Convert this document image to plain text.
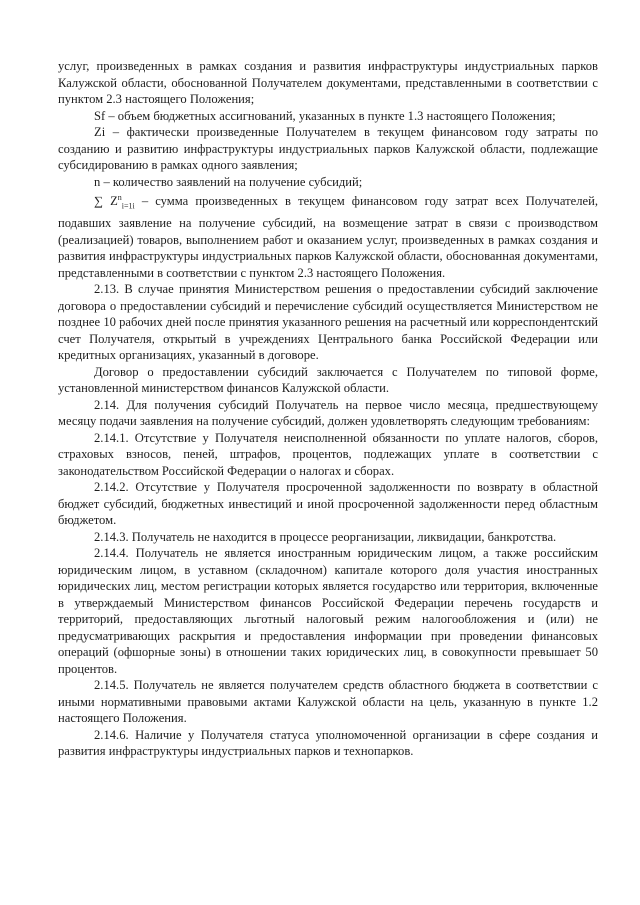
услуг, произведенных в рамках создания и развития инфраструктуры индустриальных парков Калужской области, обоснованной Получателем документами, представленными в соответствии с пунктом 2.3 настоящего Положения;

Sf – объем бюджетных ассигнований, указанных в пункте 1.3 настоящего Положения;

Zi – фактически произведенные Получателем в текущем финансовом году затраты по созданию и развитию инфраструктуры индустриальных парков Калужской области, подлежащие субсидированию в рамках одного заявления;

n – количество заявлений на получение субсидий;

∑ $Z^n_{i=1i}$ – сумма произведенных в текущем финансовом году затрат всех Получателей, подавших заявление на получение субсидий, на возмещение затрат в связи с производством (реализацией) товаров, выполнением работ и оказанием услуг, произведенных в рамках создания и развития инфраструктуры индустриальных парков Калужской области, обоснованная документами, представленными в соответствии с пунктом 2.3 настоящего Положения.

2.13. В случае принятия Министерством решения о предоставлении субсидий заключение договора о предоставлении субсидий и перечисление субсидий осуществляется Министерством не позднее 10 рабочих дней после принятия указанного решения на расчетный или корреспондентский счет Получателя, открытый в учреждениях Центрального банка Российской Федерации или кредитных организациях, указанный в договоре.

Договор о предоставлении субсидий заключается с Получателем по типовой форме, установленной министерством финансов Калужской области.

2.14. Для получения субсидий Получатель на первое число месяца, предшествующему месяцу подачи заявления на получение субсидий, должен удовлетворять следующим требованиям:

2.14.1. Отсутствие у Получателя неисполненной обязанности по уплате налогов, сборов, страховых взносов, пеней, штрафов, процентов, подлежащих уплате в соответствии с законодательством Российской Федерации о налогах и сборах.

2.14.2. Отсутствие у Получателя просроченной задолженности по возврату в областной бюджет субсидий, бюджетных инвестиций и иной просроченной задолженности перед областным бюджетом.

2.14.3. Получатель не находится в процессе реорганизации, ликвидации, банкротства.

2.14.4. Получатель не является иностранным юридическим лицом, а также российским юридическим лицом, в уставном (складочном) капитале которого доля участия иностранных юридических лиц, местом регистрации которых является государство или территория, включенные в утверждаемый Министерством финансов Российской Федерации перечень государств и территорий, предоставляющих льготный налоговый режим налогообложения и (или) не предусматривающих раскрытия и предоставления информации при проведении финансовых операций (офшорные зоны) в отношении таких юридических лиц, в совокупности превышает 50 процентов.

2.14.5. Получатель не является получателем средств областного бюджета в соответствии с иными нормативными правовыми актами Калужской области на цель, указанную в пункте 1.2 настоящего Положения.

2.14.6. Наличие у Получателя статуса уполномоченной организации в сфере создания и развития инфраструктуры индустриальных парков и технопарков.
